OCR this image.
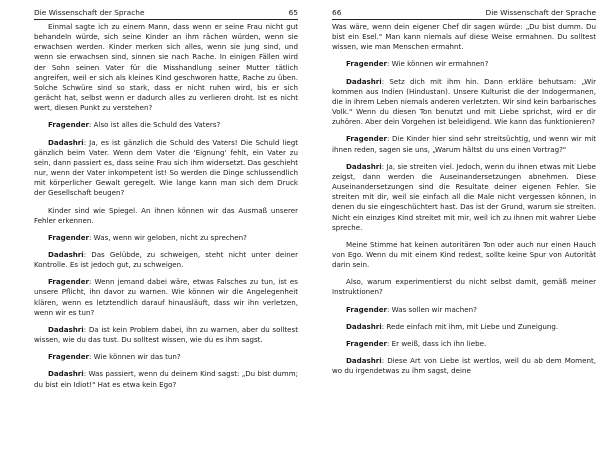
Die Wissenschaft der Sprache	65

Einmal sagte ich zu einem Mann, dass wenn er seine Frau nicht gut behandeln würde, sich seine Kinder an ihm rächen würden, wenn sie erwachsen werden. Kinder merken sich alles, wenn sie jung sind, und wenn sie erwachsen sind, sinnen sie nach Rache. In einigen Fällen wird der Sohn seinen Vater für die Misshandlung seiner Mutter tätlich angreifen, weil er sich als kleines Kind geschworen hatte, Rache zu üben. Solche Schwüre sind so stark, dass er nicht ruhen wird, bis er sich gerächt hat, selbst wenn er dadurch alles zu verlieren droht. Ist es nicht wert, diesen Punkt zu verstehen?

Fragender: Also ist alles die Schuld des Vaters?

Dadashri: Ja, es ist gänzlich die Schuld des Vaters! Die Schuld liegt gänzlich beim Vater. Wenn dem Vater die 'Eignung' fehlt, ein Vater zu sein, dann passiert es, dass seine Frau sich ihm widersetzt. Das geschieht nur, wenn der Vater inkompetent ist! So werden die Dinge schlussendlich mit körperlicher Gewalt geregelt. Wie lange kann man sich dem Druck der Gesellschaft beugen?

Kinder sind wie Spiegel. An ihnen können wir das Ausmaß unserer Fehler erkennen.

Fragender: Was, wenn wir geloben, nicht zu sprechen?

Dadashri: Das Gelübde, zu schweigen, steht nicht unter deiner Kontrolle. Es ist jedoch gut, zu schweigen.

Fragender: Wenn jemand dabei wäre, etwas Falsches zu tun, ist es unsere Pflicht, ihn davor zu warnen. Wie können wir die Angelegenheit klären, wenn es letztendlich darauf hinausläuft, dass wir ihn verletzen, wenn wir es tun?

Dadashri: Da ist kein Problem dabei, ihn zu warnen, aber du solltest wissen, wie du das tust. Du solltest wissen, wie du es ihm sagst.

Fragender: Wie können wir das tun?

Dadashri: Was passiert, wenn du deinem Kind sagst: „Du bist dumm; du bist ein Idiot!" Hat es etwa kein Ego?

66	Die Wissenschaft der Sprache

Was wäre, wenn dein eigener Chef dir sagen würde: „Du bist dumm. Du bist ein Esel." Man kann niemals auf diese Weise ermahnen. Du solltest wissen, wie man Menschen ermahnt.

Fragender: Wie können wir ermahnen?

Dadashri: Setz dich mit ihm hin. Dann erkläre behutsam: „Wir kommen aus Indien (Hindustan). Unsere Kulturist die der Indogermanen, die in ihrem Leben niemals anderen verletzten. Wir sind kein barbarisches Volk." Wenn du diesen Ton benutzt und mit Liebe sprichst, wird er dir zuhören. Aber dein Vorgehen ist beleidigend. Wie kann das funktionieren?

Fragender: Die Kinder hier sind sehr streitsüchtig, und wenn wir mit ihnen reden, sagen sie uns, „Warum hältst du uns einen Vortrag?"

Dadashri: Ja, sie streiten viel. Jedoch, wenn du ihnen etwas mit Liebe zeigst, dann werden die Auseinandersetzungen abnehmen. Diese Auseinandersetzungen sind die Resultate deiner eigenen Fehler. Sie streiten mit dir, weil sie einfach all die Male nicht vergessen können, in denen du sie eingeschüchtert hast. Das ist der Grund, warum sie streiten. Nicht ein einziges Kind streitet mit mir, weil ich zu ihnen mit wahrer Liebe spreche.

Meine Stimme hat keinen autoritären Ton oder auch nur einen Hauch von Ego. Wenn du mit einem Kind redest, sollte keine Spur von Autorität darin sein.

Also, warum experimentierst du nicht selbst damit, gemäß meiner Instruktionen?

Fragender: Was sollen wir machen?

Dadashri: Rede einfach mit ihm, mit Liebe und Zuneigung.

Fragender: Er weiß, dass ich ihn liebe.

Dadashri: Diese Art von Liebe ist wertlos, weil du ab dem Moment, wo du irgendetwas zu ihm sagst, deine
